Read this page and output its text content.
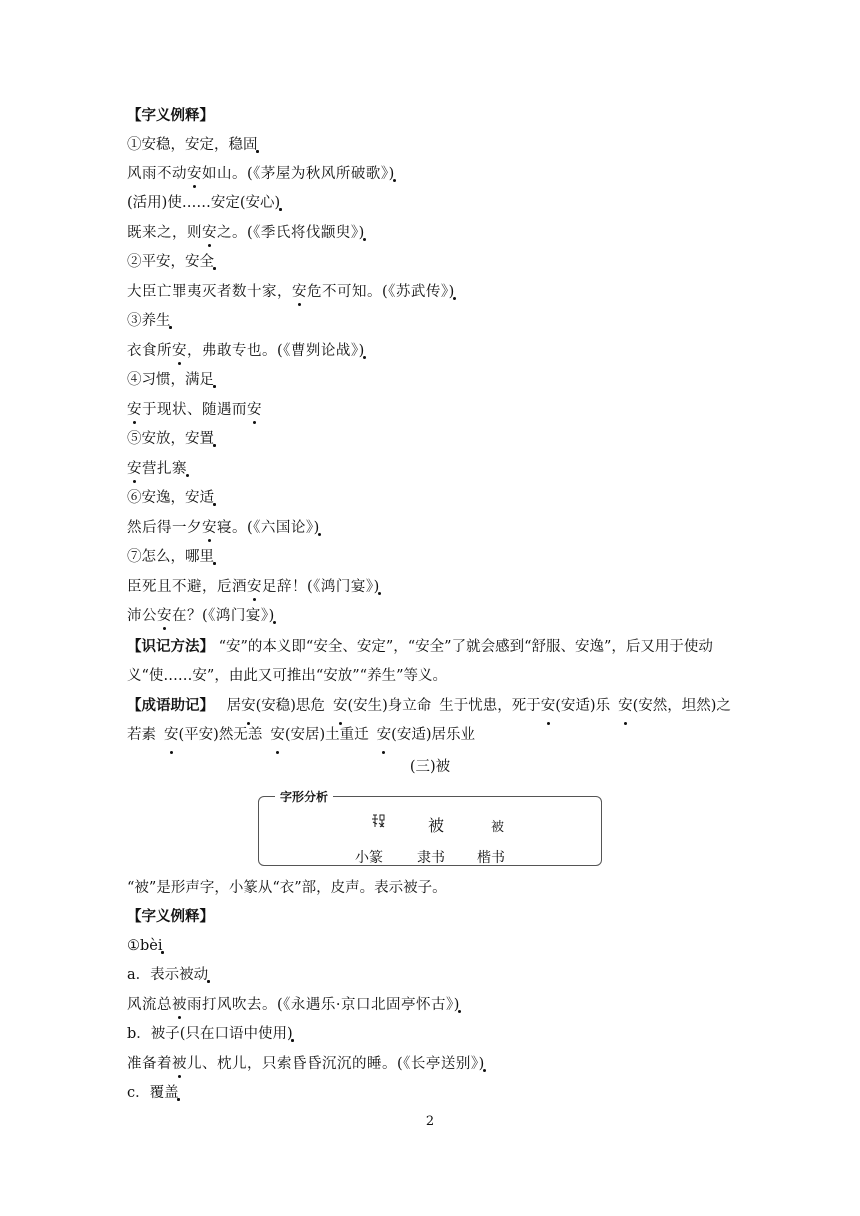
【字义例释】
①安稳，安定，稳固
风雨不动安如山。(《茅屋为秋风所破歌》)
(活用)使……安定(安心)
既来之，则安之。(《季氏将伐颛臾》)
②平安，安全
大臣亡罪夷灭者数十家，安危不可知。(《苏武传》)
③养生
衣食所安，弗敢专也。(《曹刿论战》)
④习惯，满足
安于现状、随遇而安
⑤安放，安置
安营扎寨
⑥安逸，安适
然后得一夕安寝。(《六国论》)
⑦怎么，哪里
臣死且不避，卮酒安足辞！(《鸿门宴》)
沛公安在？(《鸿门宴》)
【识记方法】 “安”的本义即“安全、安定”，“安全”了就会感到“舒服、安逸”，后又用于使动义“使……安”，由此又可推出“安放”“养生”等义。
【成语助记】 居安(安稳)思危 安(安生)身立命 生于忧患，死于安(安适)乐 安(安然，坦然)之若素 安(平安)然无恙 安(安居)土重迁 安(安适)居乐业
(三)被
字形分析
被	被
小篆 隶书 楷书
“被”是形声字，小篆从“衣”部，皮声。表示被子。
【字义例释】
①bèi
a．表示被动
风流总被雨打风吹去。(《永遇乐·京口北固亭怀古》)
b．被子(只在口语中使用)
准备着被儿、枕儿，只索昏昏沉沉的睡。(《长亭送别》)
c．覆盖
2
